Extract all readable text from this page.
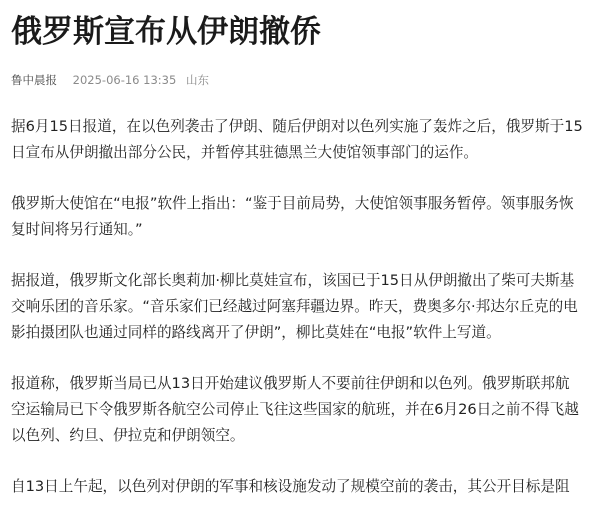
俄罗斯宣布从伊朗撤侨
鲁中晨报 2025-06-16 13:35 山东

据6月15日报道，在以色列袭击了伊朗、随后伊朗对以色列实施了轰炸之后，俄罗斯于15
日宣布从伊朗撤出部分公民，并暂停其驻德黑兰大使馆领事部门的运作。

俄罗斯大使馆在“电报”软件上指出：“鉴于目前局势，大使馆领事服务暂停。领事服务恢
复时间将另行通知。”

据报道，俄罗斯文化部长奥莉加·柳比莫娃宣布，该国已于15日从伊朗撤出了柴可夫斯基
交响乐团的音乐家。“音乐家们已经越过阿塞拜疆边界。昨天，费奥多尔·邦达尔丘克的电
影拍摄团队也通过同样的路线离开了伊朗”，柳比莫娃在“电报”软件上写道。

报道称，俄罗斯当局已从13日开始建议俄罗斯人不要前往伊朗和以色列。俄罗斯联邦航
空运输局已下令俄罗斯各航空公司停止飞往这些国家的航班，并在6月26日之前不得飞越
以色列、约旦、伊拉克和伊朗领空。

自13日上午起，以色列对伊朗的军事和核设施发动了规模空前的袭击，其公开目标是阻
